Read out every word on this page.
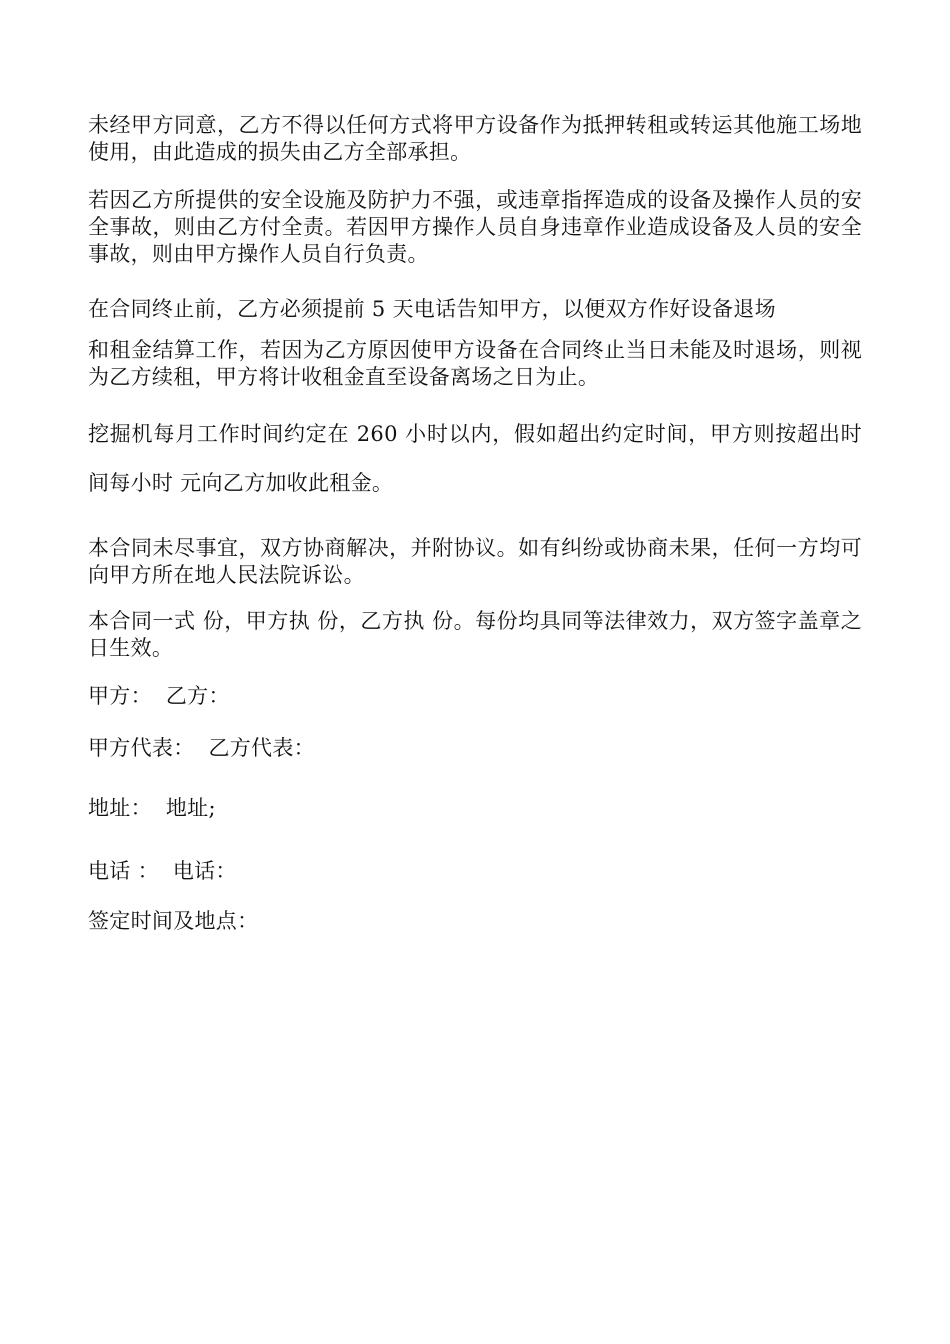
未经甲方同意，乙方不得以任何方式将甲方设备作为抵押转租或转运其他施工场地使用，由此造成的损失由乙方全部承担。

若因乙方所提供的安全设施及防护力不强，或违章指挥造成的设备及操作人员的安全事故，则由乙方付全责。若因甲方操作人员自身违章作业造成设备及人员的安全事故，则由甲方操作人员自行负责。

在合同终止前，乙方必须提前 5 天电话告知甲方，以便双方作好设备退场

和租金结算工作，若因为乙方原因使甲方设备在合同终止当日未能及时退场，则视为乙方续租，甲方将计收租金直至设备离场之日为止。

挖掘机每月工作时间约定在 260 小时以内，假如超出约定时间，甲方则按超出时间每小时 元向乙方加收此租金。

本合同未尽事宜，双方协商解决，并附协议。如有纠纷或协商未果，任何一方均可向甲方所在地人民法院诉讼。

本合同一式 份，甲方执 份，乙方执 份。每份均具同等法律效力，双方签字盖章之日生效。

甲方：  乙方：

甲方代表：  乙方代表：

地址：  地址;

电话 ：  电话：

签定时间及地点：
